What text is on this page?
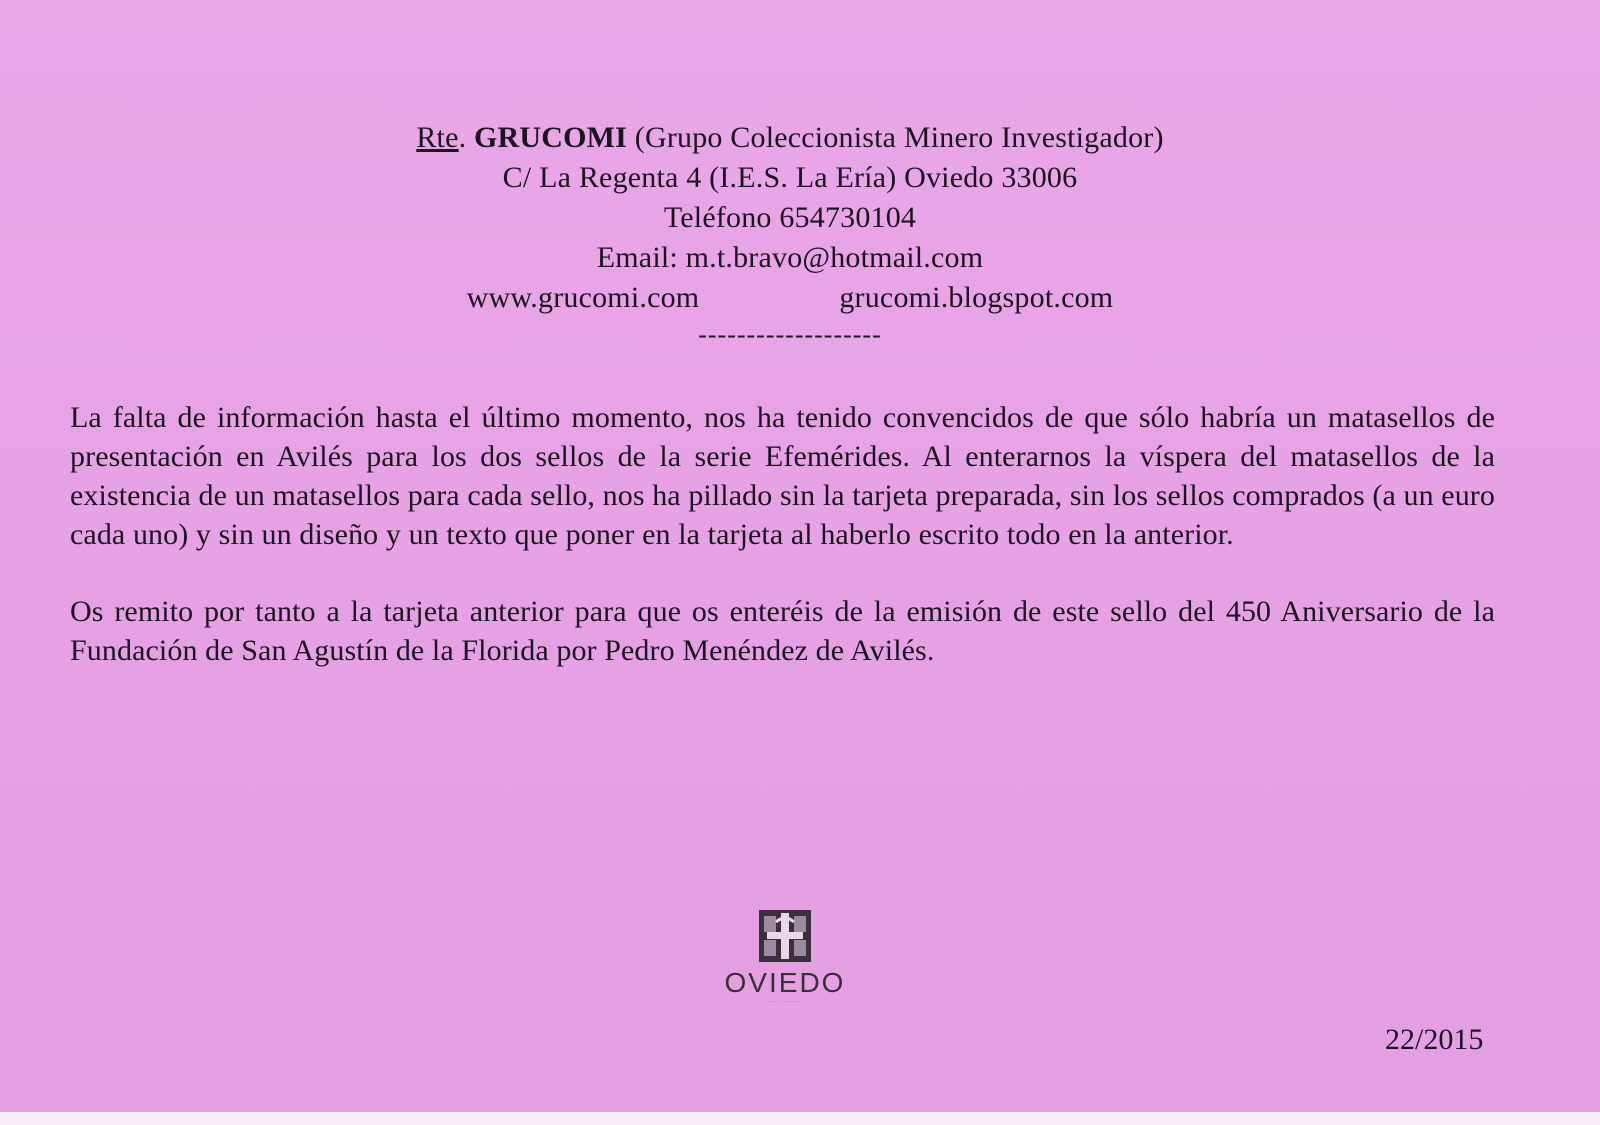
Rte. GRUCOMI (Grupo Coleccionista Minero Investigador)
C/ La Regenta 4 (I.E.S. La Ería) Oviedo 33006
Teléfono 654730104
Email: m.t.bravo@hotmail.com
www.grucomi.com	grucomi.blogspot.com
-------------------

La falta de información hasta el último momento, nos ha tenido convencidos de que sólo habría un matasellos de presentación en Avilés para los dos sellos de la serie Efemérides. Al enterarnos la víspera del matasellos de la existencia de un matasellos para cada sello, nos ha pillado sin la tarjeta preparada, sin los sellos comprados (a un euro cada uno) y sin un diseño y un texto que poner en la tarjeta al haberlo escrito todo en la anterior.

Os remito por tanto a la tarjeta anterior para que os enteréis de la emisión de este sello del 450 Aniversario de la Fundación de San Agustín de la Florida por Pedro Menéndez de Avilés.

OVIEDO
···········
22/2015
